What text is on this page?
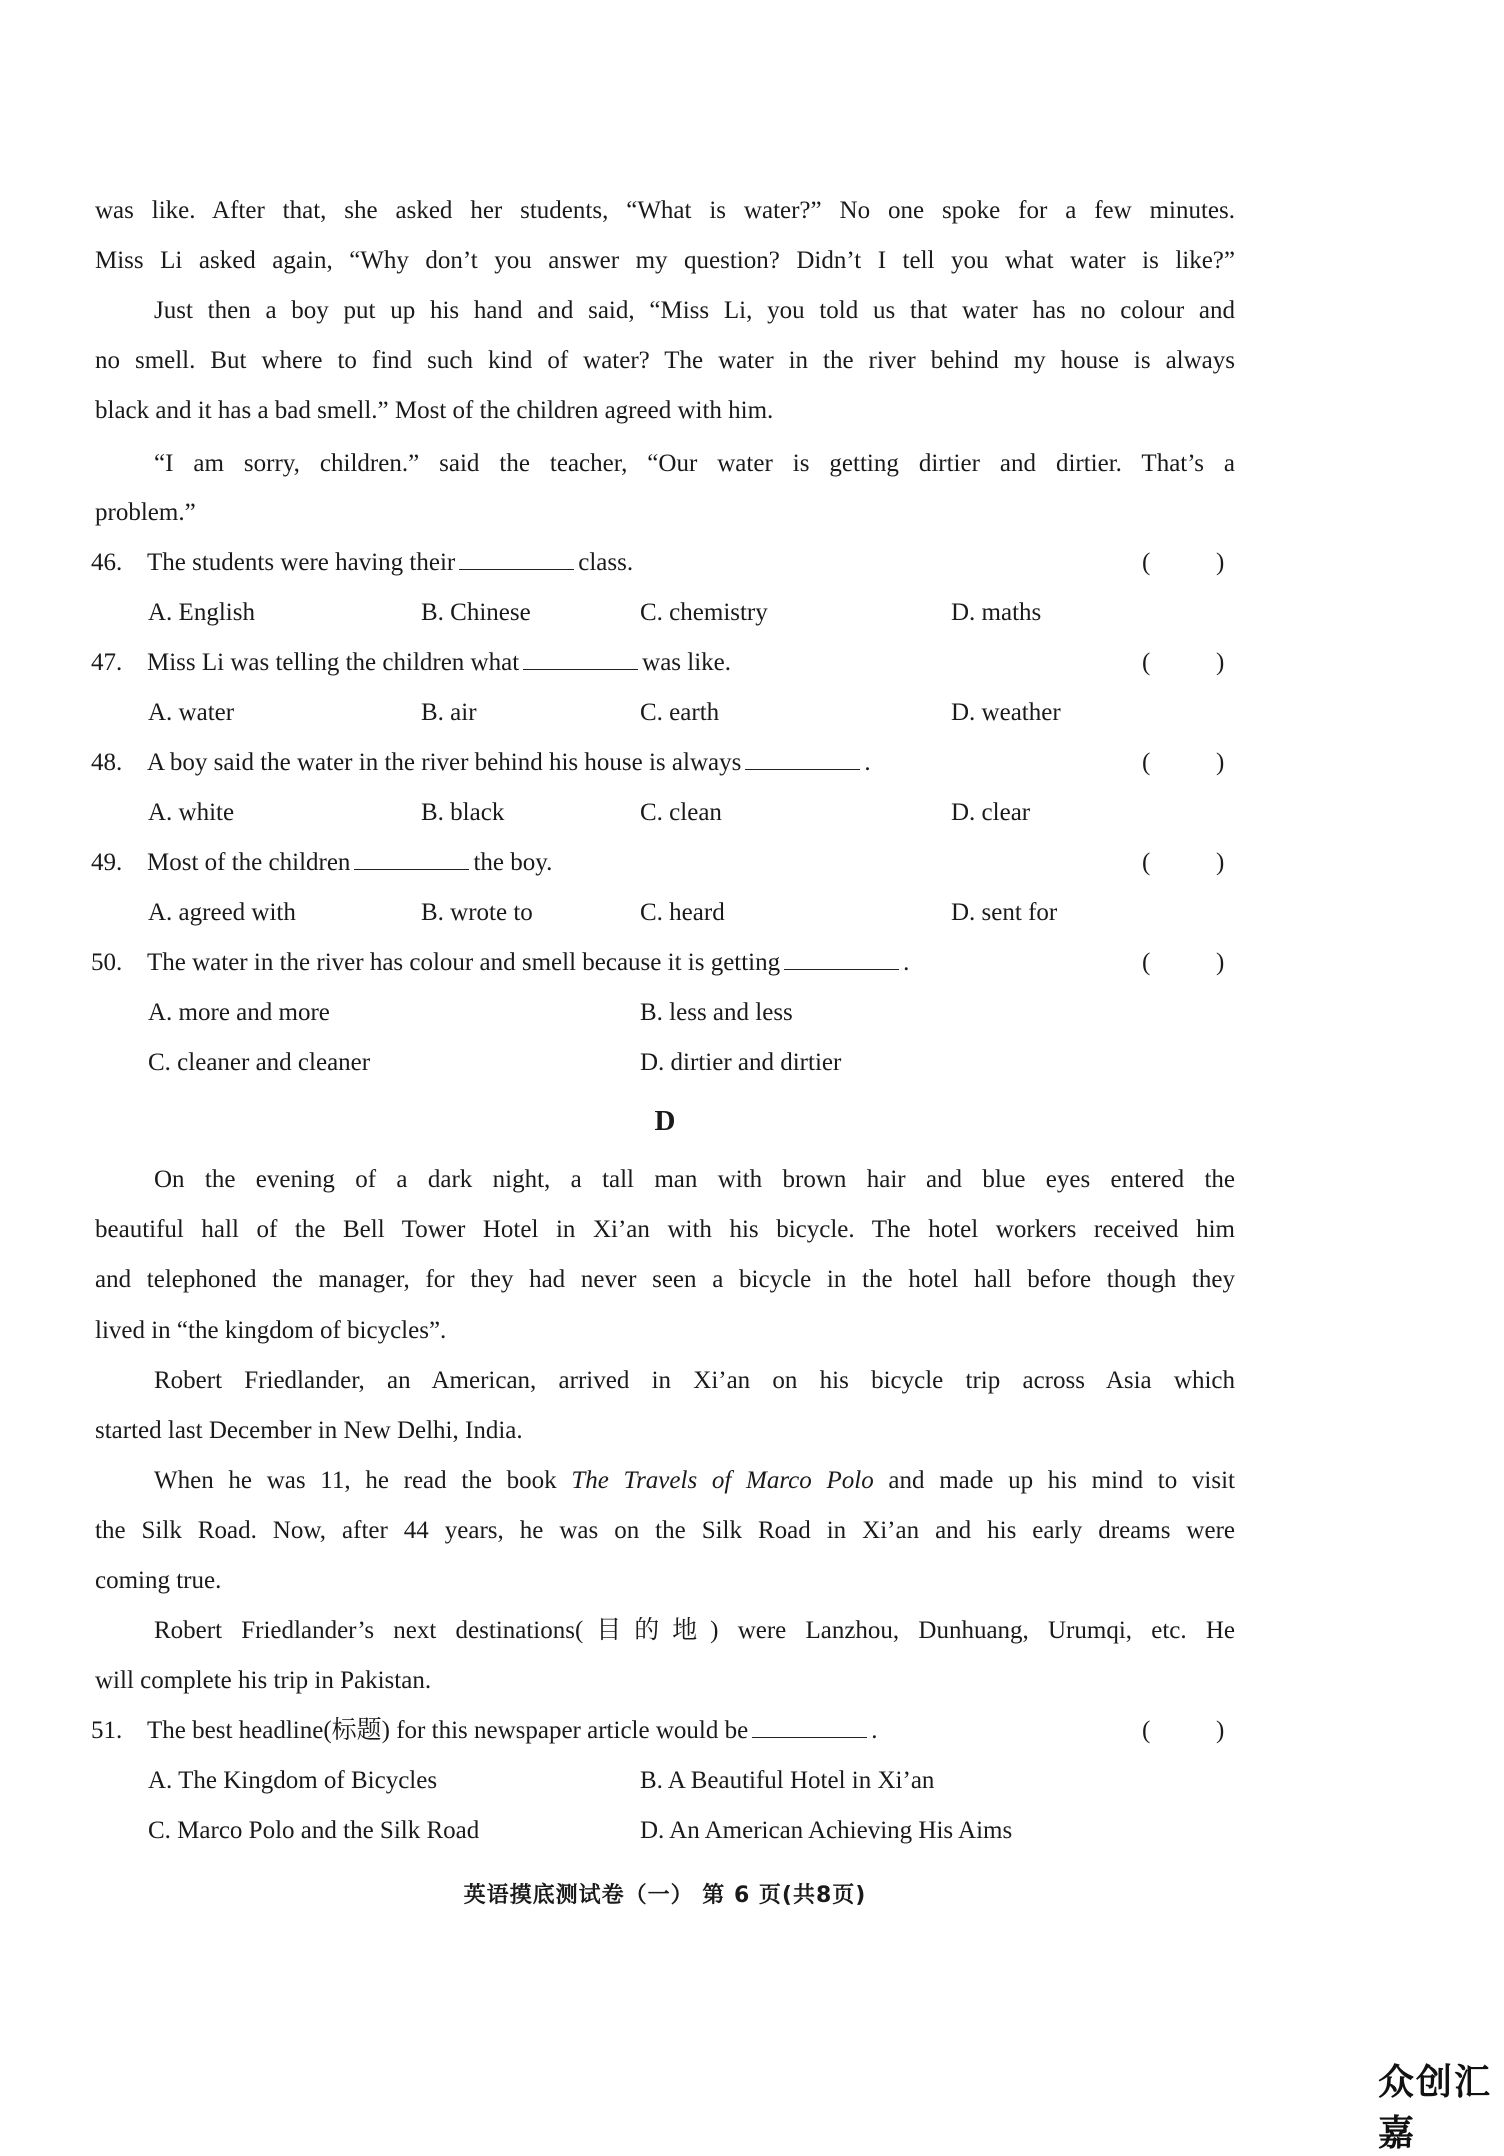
was like. After that, she asked her students, “What is water?” No one spoke for a few minutes.
Miss Li asked again, “Why don’t you answer my question? Didn’t I tell you what water is like?”
Just then a boy put up his hand and said, “Miss Li, you told us that water has no colour and
no smell. But where to find such kind of water? The water in the river behind my house is always
black and it has a bad smell.” Most of the children agreed with him.
“I am sorry, children.” said the teacher, “Our water is getting dirtier and dirtier. That’s a
problem.”
46. The students were having their	class.	(	)
A. English	B. Chinese	C. chemistry	D. maths
47. Miss Li was telling the children what	was like.	(	)
A. water	B. air	C. earth	D. weather
48. A boy said the water in the river behind his house is always	.	(	)
A. white	B. black	C. clean	D. clear
49. Most of the children	the boy.	(	)
A. agreed with	B. wrote to	C. heard	D. sent for
50. The water in the river has colour and smell because it is getting	.	(	)
A. more and more	B. less and less
C. cleaner and cleaner	D. dirtier and dirtier
D
On the evening of a dark night, a tall man with brown hair and blue eyes entered the
beautiful hall of the Bell Tower Hotel in Xi’an with his bicycle. The hotel workers received him
and telephoned the manager, for they had never seen a bicycle in the hotel hall before though they
lived in “the kingdom of bicycles”.
Robert Friedlander, an American, arrived in Xi’an on his bicycle trip across Asia which
started last December in New Delhi, India.
When he was 11, he read the book The Travels of Marco Polo and made up his mind to visit
the Silk Road. Now, after 44 years, he was on the Silk Road in Xi’an and his early dreams were
coming true.
Robert Friedlander’s next destinations(目的地) were Lanzhou, Dunhuang, Urumqi, etc. He
will complete his trip in Pakistan.
51. The best headline(标题) for this newspaper article would be	.	(	)
A. The Kingdom of Bicycles	B. A Beautiful Hotel in Xi’an
C. Marco Polo and the Silk Road	D. An American Achieving His Aims
英语摸底测试卷（一） 第 6 页(共8页)
众创汇嘉
